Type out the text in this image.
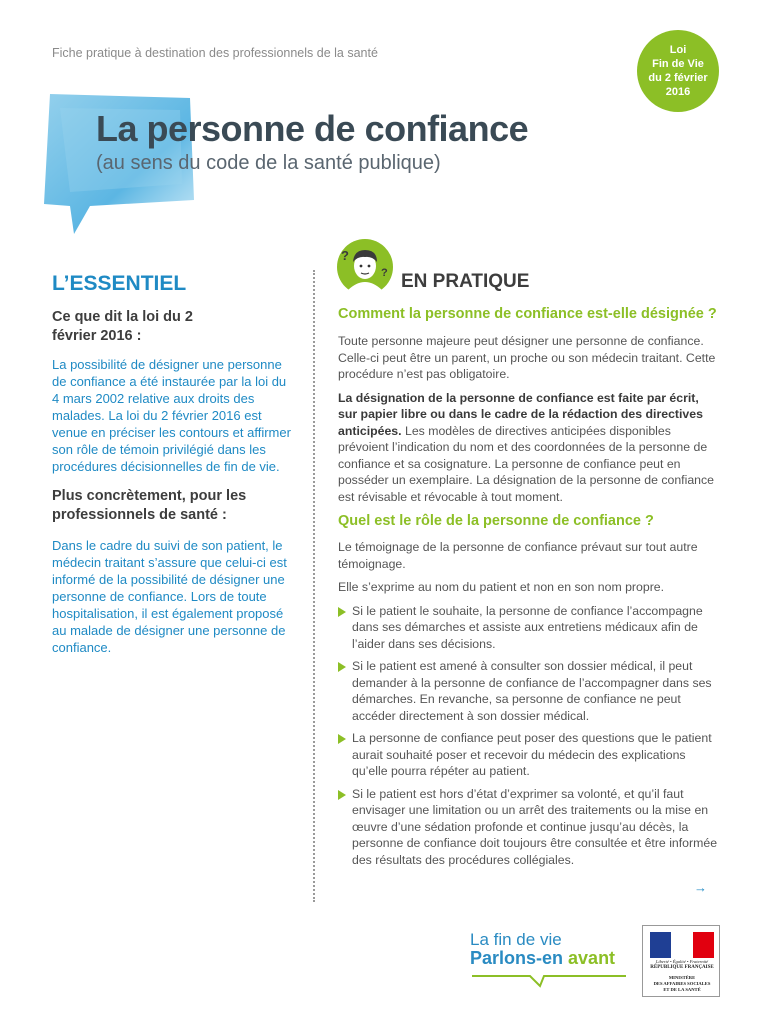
Fiche pratique à destination des professionnels de la santé	Loi
Fin de Vie
du 2 février
2016
La personne de confiance
(au sens du code de la santé publique)
L’ESSENTIEL
Ce que dit la loi du 2 février 2016 :
La possibilité de désigner une personne de confiance a été instaurée par la loi du 4 mars 2002 relative aux droits des malades. La loi du 2 février 2016 est venue en préciser les contours et affirmer son rôle de témoin privilégié dans les procédures décisionnelles de fin de vie.
Plus concrètement, pour les professionnels de santé :
Dans le cadre du suivi de son patient, le médecin traitant s’assure que celui-ci est informé de la possibilité de désigner une personne de confiance. Lors de toute hospitalisation, il est également proposé au malade de désigner une personne de confiance.
?
? EN PRATIQUE
Comment la personne de confiance est-elle désignée ?

Toute personne majeure peut désigner une personne de confiance. Celle-ci peut être un parent, un proche ou son médecin traitant. Cette procédure n’est pas obligatoire.

La désignation de la personne de confiance est faite par écrit, sur papier libre ou dans le cadre de la rédaction des directives anticipées. Les modèles de directives anticipées disponibles prévoient l’indication du nom et des coordonnées de la personne de confiance et sa cosignature. La personne de confiance peut en posséder un exemplaire. La désignation de la personne de confiance est révisable et révocable à tout moment.

Quel est le rôle de la personne de confiance ?

Le témoignage de la personne de confiance prévaut sur tout autre témoignage.

Elle s’exprime au nom du patient et non en son nom propre.

Si le patient le souhaite, la personne de confiance l’accompagne dans ses démarches et assiste aux entretiens médicaux afin de l’aider dans ses décisions.
Si le patient est amené à consulter son dossier médical, il peut demander à la personne de confiance de l’accompagner dans ses démarches. En revanche, sa personne de confiance ne peut accéder directement à son dossier médical.
La personne de confiance peut poser des questions que le patient aurait souhaité poser et recevoir du médecin des explications qu’elle pourra répéter au patient.
Si le patient est hors d’état d’exprimer sa volonté, et qu’il faut envisager une limitation ou un arrêt des traitements ou la mise en œuvre d’une sédation profonde et continue jusqu’au décès, la personne de confiance doit toujours être consultée et être informée des résultats des procédures collégiales.
→
La fin de vie
Parlons-en avant	Liberté • Égalité • Fraternité
RÉPUBLIQUE FRANÇAISE
MINISTÈRE
DES AFFAIRES SOCIALES
ET DE LA SANTÉ
